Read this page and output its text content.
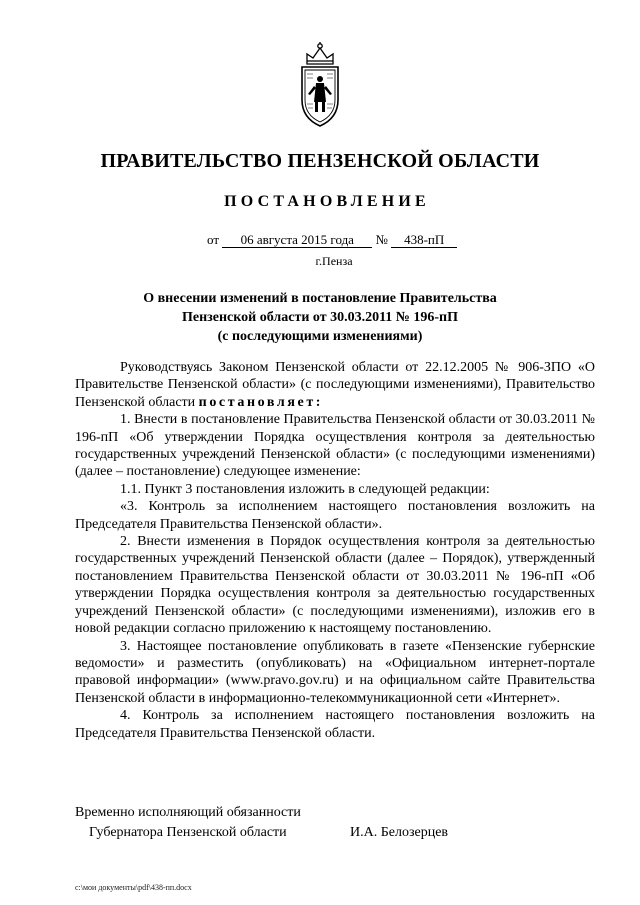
ПРАВИТЕЛЬСТВО ПЕНЗЕНСКОЙ ОБЛАСТИ
ПОСТАНОВЛЕНИЕ
от 06 августа 2015 года № 438-пП
г.Пенза
О внесении изменений в постановление Правительства
Пензенской области от 30.03.2011 № 196-пП
(с последующими изменениями)

Руководствуясь Законом Пензенской области от 22.12.2005 № 906-ЗПО «О Правительстве Пензенской области» (с последующими изменениями), Правительство Пензенской области постановляет:

1. Внести в постановление Правительства Пензенской области от 30.03.2011 № 196-пП «Об утверждении Порядка осуществления контроля за деятельностью государственных учреждений Пензенской области» (с последующими изменениями) (далее – постановление) следующее изменение:

1.1. Пункт 3 постановления изложить в следующей редакции:

«3. Контроль за исполнением настоящего постановления возложить на Председателя Правительства Пензенской области».

2. Внести изменения в Порядок осуществления контроля за деятельностью государственных учреждений Пензенской области (далее – Порядок), утвержденный постановлением Правительства Пензенской области от 30.03.2011 № 196-пП «Об утверждении Порядка осуществления контроля за деятельностью государственных учреждений Пензенской области» (с последующими изменениями), изложив его в новой редакции согласно приложению к настоящему постановлению.

3. Настоящее постановление опубликовать в газете «Пензенские губернские ведомости» и разместить (опубликовать) на «Официальном интернет-портале правовой информации» (www.pravo.gov.ru) и на официальном сайте Правительства Пензенской области в информационно-телекоммуникационной сети «Интернет».

4. Контроль за исполнением настоящего постановления возложить на Председателя Правительства Пензенской области.

Временно исполняющий обязанности
Губернатора Пензенской области	И.А. Белозерцев
c:\мои документы\pdf\438-пп.docx
